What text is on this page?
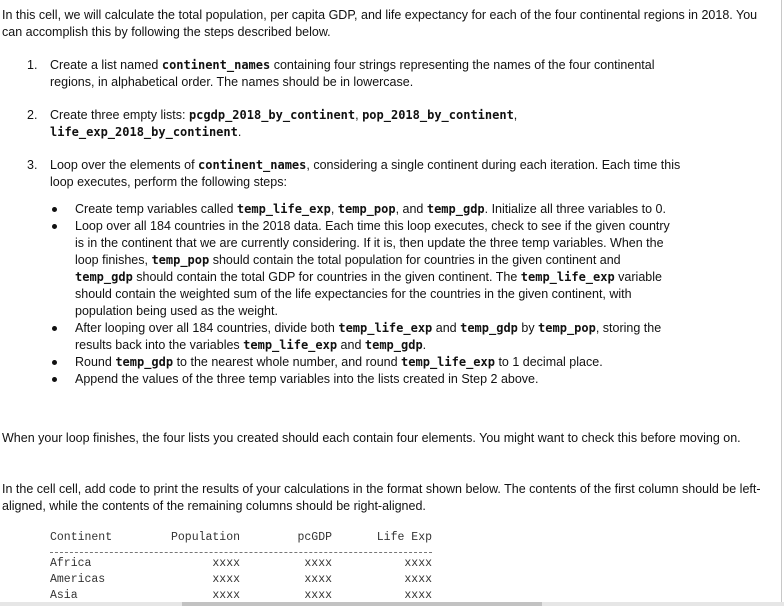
In this cell, we will calculate the total population, per capita GDP, and life expectancy for each of the four continental regions in 2018. You can accomplish this by following the steps described below.

1. Create a list named continent_names containing four strings representing the names of the four continental regions, in alphabetical order. The names should be in lowercase.
2. Create three empty lists: pcgdp_2018_by_continent, pop_2018_by_continent,
life_exp_2018_by_continent.
3. Loop over the elements of continent_names, considering a single continent during each iteration. Each time this loop executes, perform the following steps:
Create temp variables called temp_life_exp, temp_pop, and temp_gdp. Initialize all three variables to 0.
Loop over all 184 countries in the 2018 data. Each time this loop executes, check to see if the given country is in the continent that we are currently considering. If it is, then update the three temp variables. When the loop finishes, temp_pop should contain the total population for countries in the given continent and temp_gdp should contain the total GDP for countries in the given continent. The temp_life_exp variable should contain the weighted sum of the life expectancies for the countries in the given continent, with population being used as the weight.
After looping over all 184 countries, divide both temp_life_exp and temp_gdp by temp_pop, storing the results back into the variables temp_life_exp and temp_gdp.
Round temp_gdp to the nearest whole number, and round temp_life_exp to 1 decimal place.
Append the values of the three temp variables into the lists created in Step 2 above.

When your loop finishes, the four lists you created should each contain four elements. You might want to check this before moving on.

In the cell cell, add code to print the results of your calculations in the format shown below. The contents of the first column should be left-aligned, while the contents of the remaining columns should be right-aligned.

Continent	Population	pcGDP	Life Exp

Africa	xxxx	xxxx	xxxx
Americas	xxxx	xxxx	xxxx
Asia	xxxx	xxxx	xxxx
